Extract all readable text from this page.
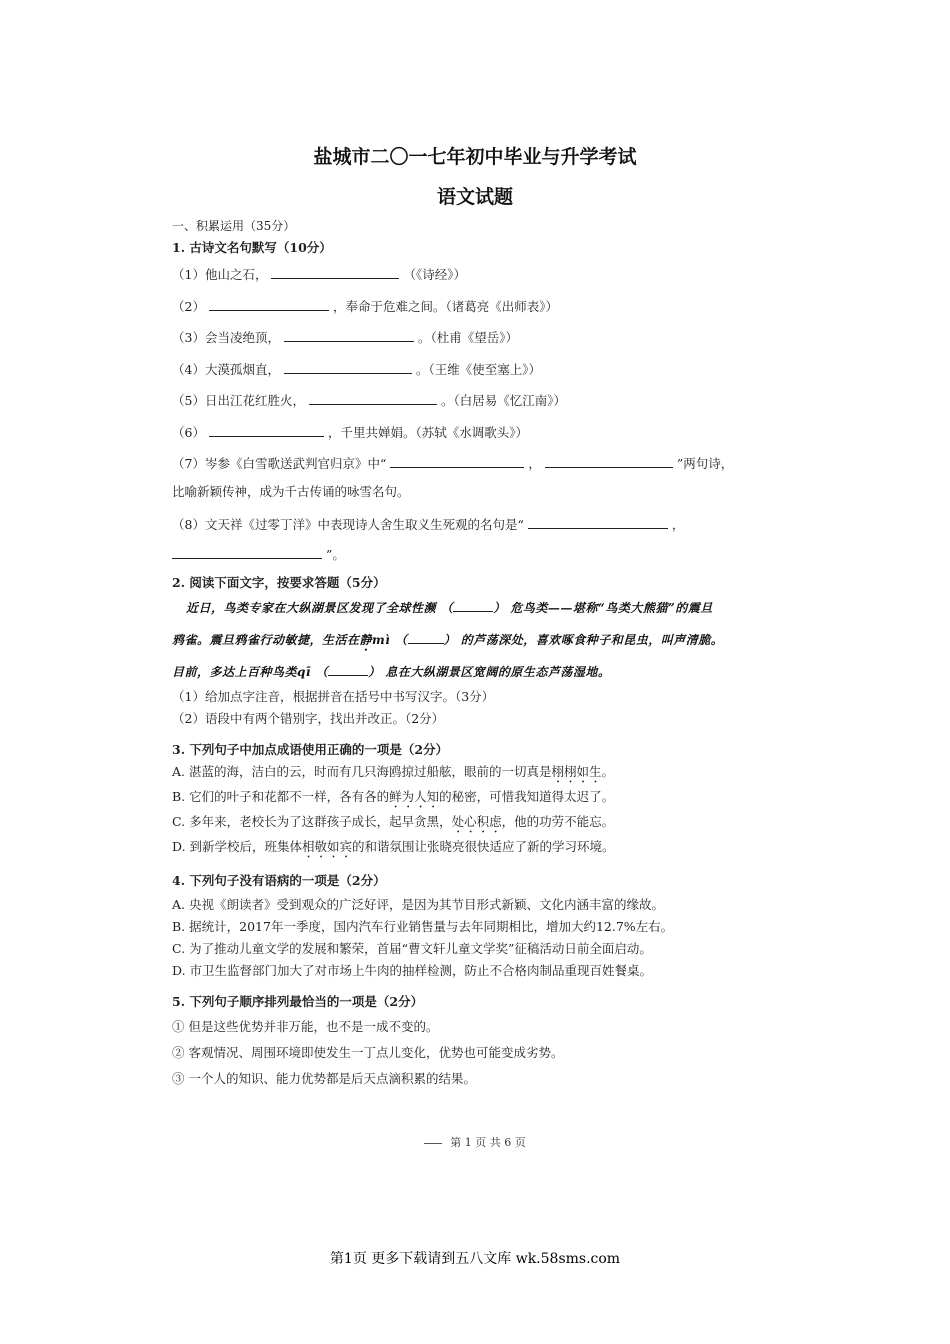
盐城市二〇一七年初中毕业与升学考试
语文试题
一、积累运用（35分）
1. 古诗文名句默写（10分）
（1）他山之石，	（《诗经》）
（2）	，奉命于危难之间。（诸葛亮《出师表》）
（3）会当凌绝顶，	。（杜甫《望岳》）
（4）大漠孤烟直，	。（王维《使至塞上》）
（5）日出江花红胜火，	。（白居易《忆江南》）
（6）	，千里共婵娟。（苏轼《水调歌头》）
（7）岑参《白雪歌送武判官归京》中“	，	”两句诗，
比喻新颖传神，成为千古传诵的咏雪名句。
（8）文天祥《过零丁洋》中表现诗人舍生取义生死观的名句是“	，
”。
2. 阅读下面文字，按要求答题（5分）
近日，鸟类专家在大纵湖景区发现了全球性濒 （	） 危鸟类——堪称“鸟类大熊猫”的震旦
鸦雀。震旦鸦雀行动敏捷，生活在静mì （	） 的芦荡深处，喜欢啄食种子和昆虫，叫声清脆。
目前，多达上百种鸟类qī （	） 息在大纵湖景区宽阔的原生态芦荡湿地。
（1）给加点字注音，根据拼音在括号中书写汉字。（3分）
（2）语段中有两个错别字，找出并改正。（2分）
3. 下列句子中加点成语使用正确的一项是（2分）
A. 湛蓝的海，洁白的云，时而有几只海鸥掠过船舷，眼前的一切真是栩栩如生。
B. 它们的叶子和花都不一样，各有各的鲜为人知的秘密，可惜我知道得太迟了。
C. 多年来，老校长为了这群孩子成长，起早贪黑，处心积虑，他的功劳不能忘。
D. 到新学校后，班集体相敬如宾的和谐氛围让张晓亮很快适应了新的学习环境。
4. 下列句子没有语病的一项是（2分）
A. 央视《朗读者》受到观众的广泛好评，是因为其节目形式新颖、文化内涵丰富的缘故。
B. 据统计，2017年一季度，国内汽车行业销售量与去年同期相比，增加大约12.7%左右。
C. 为了推动儿童文学的发展和繁荣，首届“曹文轩儿童文学奖”征稿活动日前全面启动。
D. 市卫生监督部门加大了对市场上牛肉的抽样检测，防止不合格肉制品重现百姓餐桌。
5. 下列句子顺序排列最恰当的一项是（2分）
① 但是这些优势并非万能，也不是一成不变的。
② 客观情况、周围环境即使发生一丁点儿变化，优势也可能变成劣势。
③ 一个人的知识、能力优势都是后天点滴积累的结果。
第 1 页 共 6 页
第1页 更多下载请到五八文库 wk.58sms.com
